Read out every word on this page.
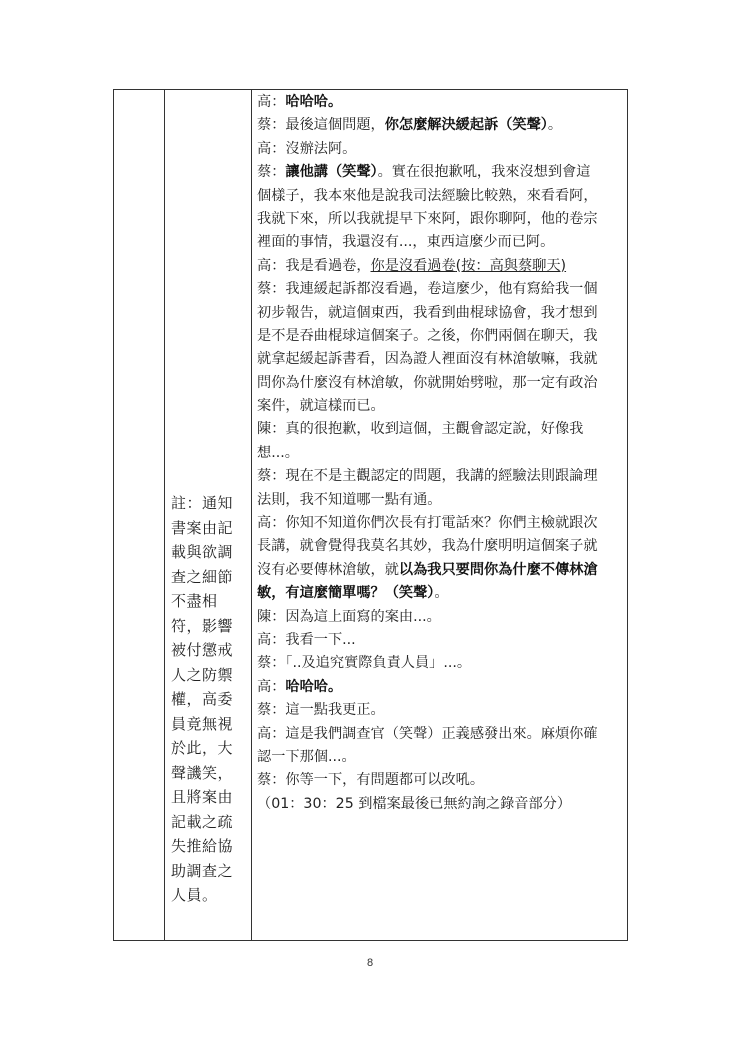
註：通知
書案由記
載與欲調
查之細節
不盡相
符，影響
被付懲戒
人之防禦
權，高委
員竟無視
於此，大
聲譏笑，
且將案由
記載之疏
失推給協
助調查之
人員。
高：哈哈哈。
蔡：最後這個問題，你怎麼解決緩起訴（笑聲）。
高：沒辦法阿。
蔡：讓他講（笑聲）。實在很抱歉吼，我來沒想到會這
個樣子，我本來他是說我司法經驗比較熟，來看看阿，
我就下來，所以我就提早下來阿，跟你聊阿，他的卷宗
裡面的事情，我還沒有...，東西這麼少而已阿。
高：我是看過卷，你是沒看過卷(按：高與蔡聊天)
蔡：我連緩起訴都沒看過，卷這麼少，他有寫給我一個
初步報告，就這個東西，我看到曲棍球協會，我才想到
是不是吞曲棍球這個案子。之後，你們兩個在聊天，我
就拿起緩起訴書看，因為證人裡面沒有林滄敏嘛，我就
問你為什麼沒有林滄敏，你就開始劈啦，那一定有政治
案件，就這樣而已。
陳：真的很抱歉，收到這個，主觀會認定說，好像我
想...。
蔡：現在不是主觀認定的問題，我講的經驗法則跟論理
法則，我不知道哪一點有通。
高：你知不知道你們次長有打電話來？你們主檢就跟次
長講，就會覺得我莫名其妙，我為什麼明明這個案子就
沒有必要傳林滄敏，就以為我只要問你為什麼不傳林滄
敏，有這麼簡單嗎？（笑聲）。
陳：因為這上面寫的案由...。
高：我看一下...
蔡：「..及追究實際負責人員」...。
高：哈哈哈。
蔡：這一點我更正。
高：這是我們調查官（笑聲）正義感發出來。麻煩你確
認一下那個...。
蔡：你等一下，有問題都可以改吼。
（01：30：25 到檔案最後已無約詢之錄音部分）
8
